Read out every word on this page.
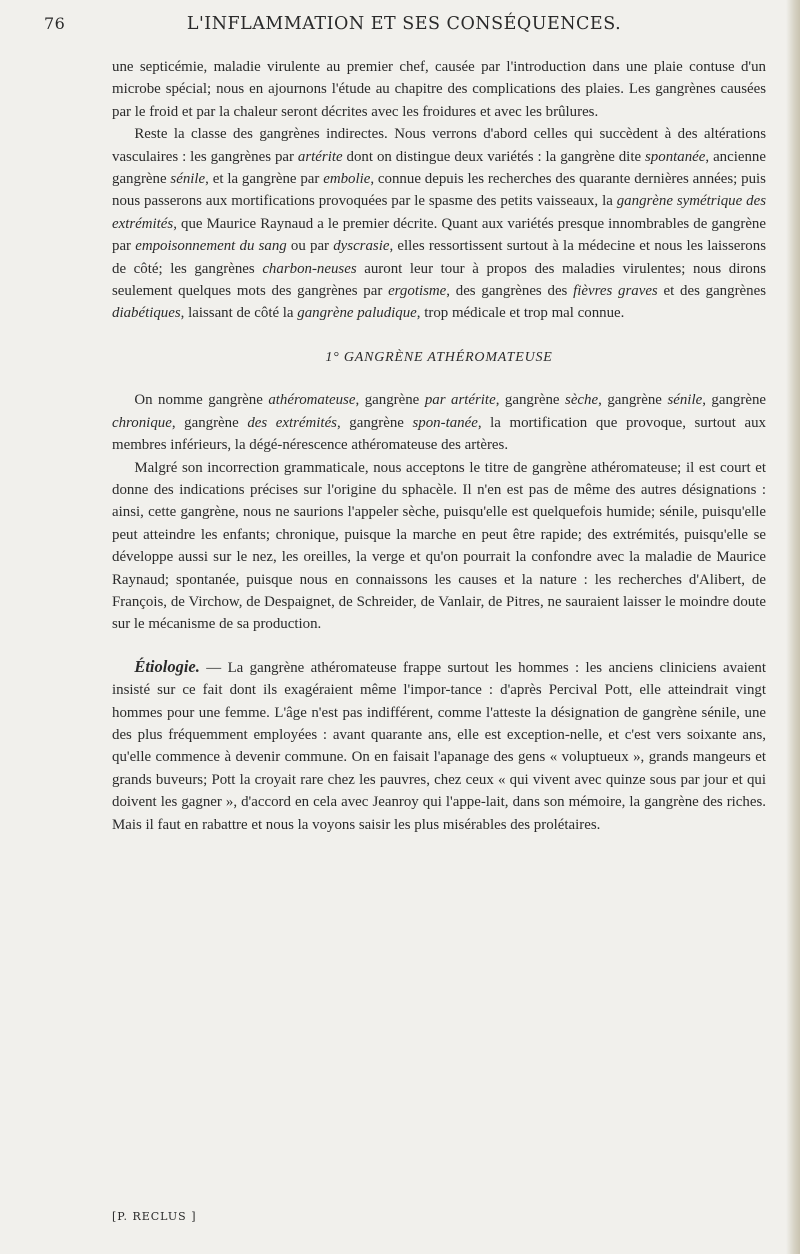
76	L'INFLAMMATION ET SES CONSÉQUENCES.

une septicémie, maladie virulente au premier chef, causée par l'introduction dans une plaie contuse d'un microbe spécial; nous en ajournons l'étude au chapitre des complications des plaies. Les gangrènes causées par le froid et par la chaleur seront décrites avec les froidures et avec les brûlures.

Reste la classe des gangrènes indirectes. Nous verrons d'abord celles qui succèdent à des altérations vasculaires : les gangrènes par artérite dont on distingue deux variétés : la gangrène dite spontanée, ancienne gangrène sénile, et la gangrène par embolie, connue depuis les recherches des quarante dernières années; puis nous passerons aux mortifications provoquées par le spasme des petits vaisseaux, la gangrène symétrique des extrémités, que Maurice Raynaud a le premier décrite. Quant aux variétés presque innombrables de gangrène par empoisonnement du sang ou par dyscrasie, elles ressortissent surtout à la médecine et nous les laisserons de côté; les gangrènes charbon-neuses auront leur tour à propos des maladies virulentes; nous dirons seulement quelques mots des gangrènes par ergotisme, des gangrènes des fièvres graves et des gangrènes diabétiques, laissant de côté la gangrène paludique, trop médicale et trop mal connue.

1° GANGRÈNE ATHÉROMATEUSE

On nomme gangrène athéromateuse, gangrène par artérite, gangrène sèche, gangrène sénile, gangrène chronique, gangrène des extrémités, gangrène spon-tanée, la mortification que provoque, surtout aux membres inférieurs, la dégé-nérescence athéromateuse des artères.

Malgré son incorrection grammaticale, nous acceptons le titre de gangrène athéromateuse; il est court et donne des indications précises sur l'origine du sphacèle. Il n'en est pas de même des autres désignations : ainsi, cette gangrène, nous ne saurions l'appeler sèche, puisqu'elle est quelquefois humide; sénile, puisqu'elle peut atteindre les enfants; chronique, puisque la marche en peut être rapide; des extrémités, puisqu'elle se développe aussi sur le nez, les oreilles, la verge et qu'on pourrait la confondre avec la maladie de Maurice Raynaud; spontanée, puisque nous en connaissons les causes et la nature : les recherches d'Alibert, de François, de Virchow, de Despaignet, de Schreider, de Vanlair, de Pitres, ne sauraient laisser le moindre doute sur le mécanisme de sa production.

Étiologie. — La gangrène athéromateuse frappe surtout les hommes : les anciens cliniciens avaient insisté sur ce fait dont ils exagéraient même l'impor-tance : d'après Percival Pott, elle atteindrait vingt hommes pour une femme. L'âge n'est pas indifférent, comme l'atteste la désignation de gangrène sénile, une des plus fréquemment employées : avant quarante ans, elle est exception-nelle, et c'est vers soixante ans, qu'elle commence à devenir commune. On en faisait l'apanage des gens « voluptueux », grands mangeurs et grands buveurs; Pott la croyait rare chez les pauvres, chez ceux « qui vivent avec quinze sous par jour et qui doivent les gagner », d'accord en cela avec Jeanroy qui l'appe-lait, dans son mémoire, la gangrène des riches. Mais il faut en rabattre et nous la voyons saisir les plus misérables des prolétaires.

[P. RECLUS ]
